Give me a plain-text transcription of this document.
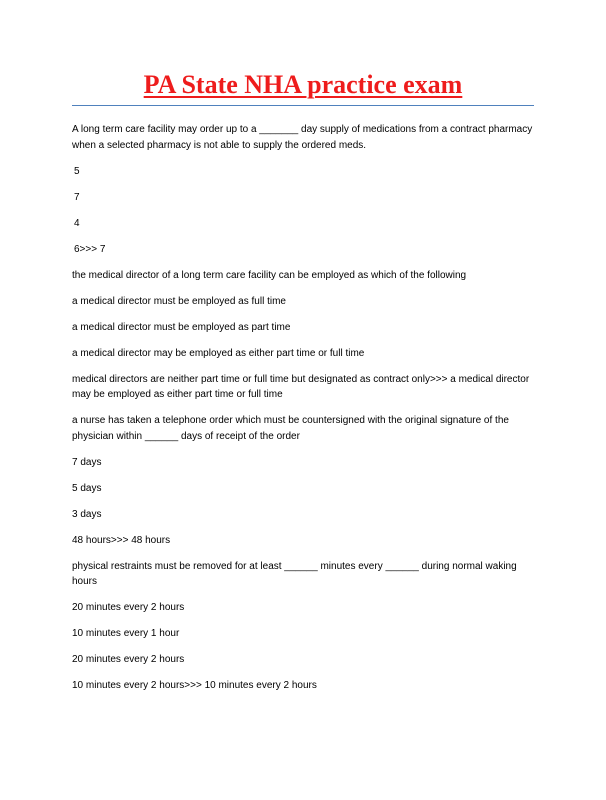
PA State NHA practice exam

A long term care facility may order up to a _______ day supply of medications from a contract pharmacy when a selected pharmacy is not able to supply the ordered meds.

5

7

4

6>>> 7

the medical director of a long term care facility can be employed as which of the following

a medical director must be employed as full time

a medical director must be employed as part time

a medical director may be employed as either part time or full time

medical directors are neither part time or full time but designated as contract only>>> a medical director may be employed as either part time or full time

a nurse has taken a telephone order which must be countersigned with the original signature of the physician within ______ days of receipt of the order

7 days

5 days

3 days

48 hours>>> 48 hours

physical restraints must be removed for at least ______ minutes every ______ during normal waking hours

20 minutes every 2 hours

10 minutes every 1 hour

20 minutes every 2 hours

10 minutes every 2 hours>>> 10 minutes every 2 hours
